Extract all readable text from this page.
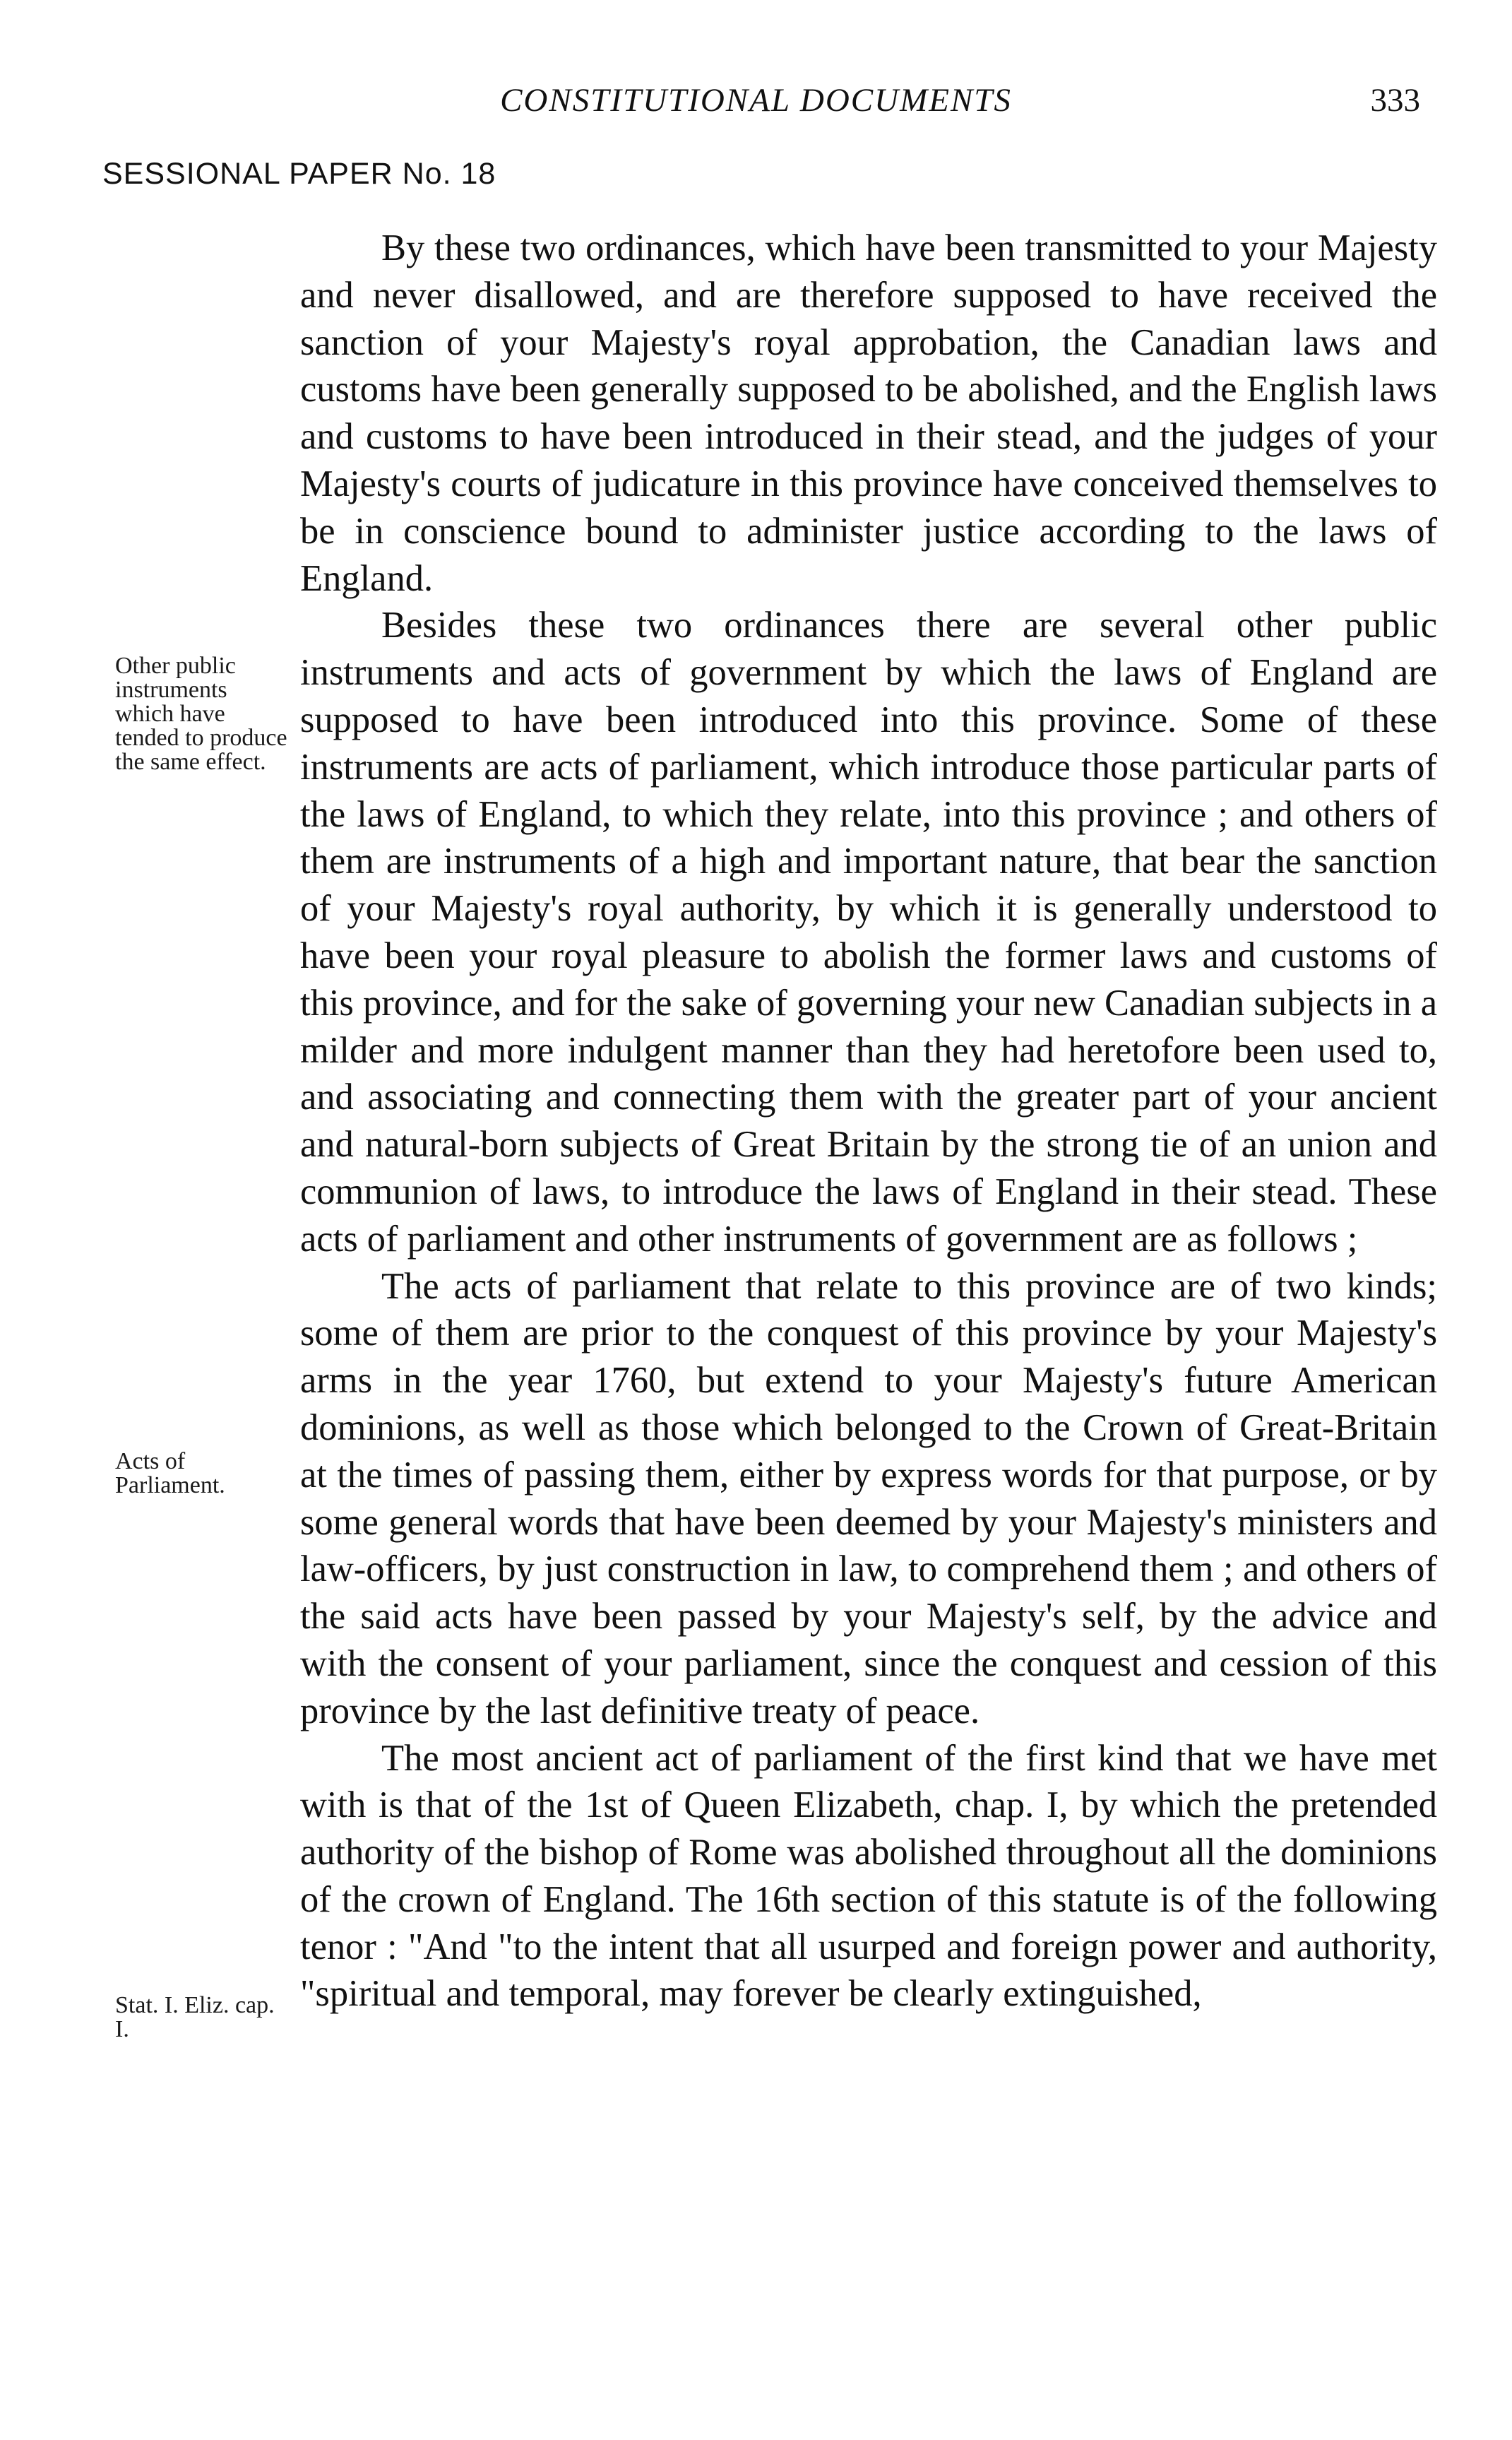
CONSTITUTIONAL DOCUMENTS	333
SESSIONAL PAPER No. 18
Other public instruments which have tended to produce the same effect.
Acts of Parliament.
Stat. I. Eliz. cap. I.

By these two ordinances, which have been transmitted to your Majesty and never disallowed, and are therefore supposed to have received the sanction of your Majesty's royal approbation, the Canadian laws and customs have been generally supposed to be abolished, and the English laws and customs to have been introduced in their stead, and the judges of your Majesty's courts of judicature in this province have conceived themselves to be in conscience bound to administer justice according to the laws of England.

Besides these two ordinances there are several other public instruments and acts of government by which the laws of England are supposed to have been introduced into this province. Some of these instruments are acts of parliament, which introduce those particular parts of the laws of England, to which they relate, into this province ; and others of them are instruments of a high and important nature, that bear the sanction of your Majesty's royal authority, by which it is generally understood to have been your royal pleasure to abolish the former laws and customs of this province, and for the sake of governing your new Canadian subjects in a milder and more indulgent manner than they had heretofore been used to, and associating and connecting them with the greater part of your ancient and natural-born subjects of Great Britain by the strong tie of an union and communion of laws, to introduce the laws of England in their stead. These acts of parliament and other instruments of government are as follows ;

The acts of parliament that relate to this province are of two kinds; some of them are prior to the conquest of this province by your Majesty's arms in the year 1760, but extend to your Majesty's future American dominions, as well as those which belonged to the Crown of Great-Britain at the times of passing them, either by express words for that purpose, or by some general words that have been deemed by your Majesty's ministers and law-officers, by just construction in law, to comprehend them ; and others of the said acts have been passed by your Majesty's self, by the advice and with the consent of your parliament, since the conquest and cession of this province by the last definitive treaty of peace.

The most ancient act of parliament of the first kind that we have met with is that of the 1st of Queen Elizabeth, chap. I, by which the pretended authority of the bishop of Rome was abolished throughout all the dominions of the crown of England. The 16th section of this statute is of the following tenor : "And "to the intent that all usurped and foreign power and authority, "spiritual and temporal, may forever be clearly extinguished,
